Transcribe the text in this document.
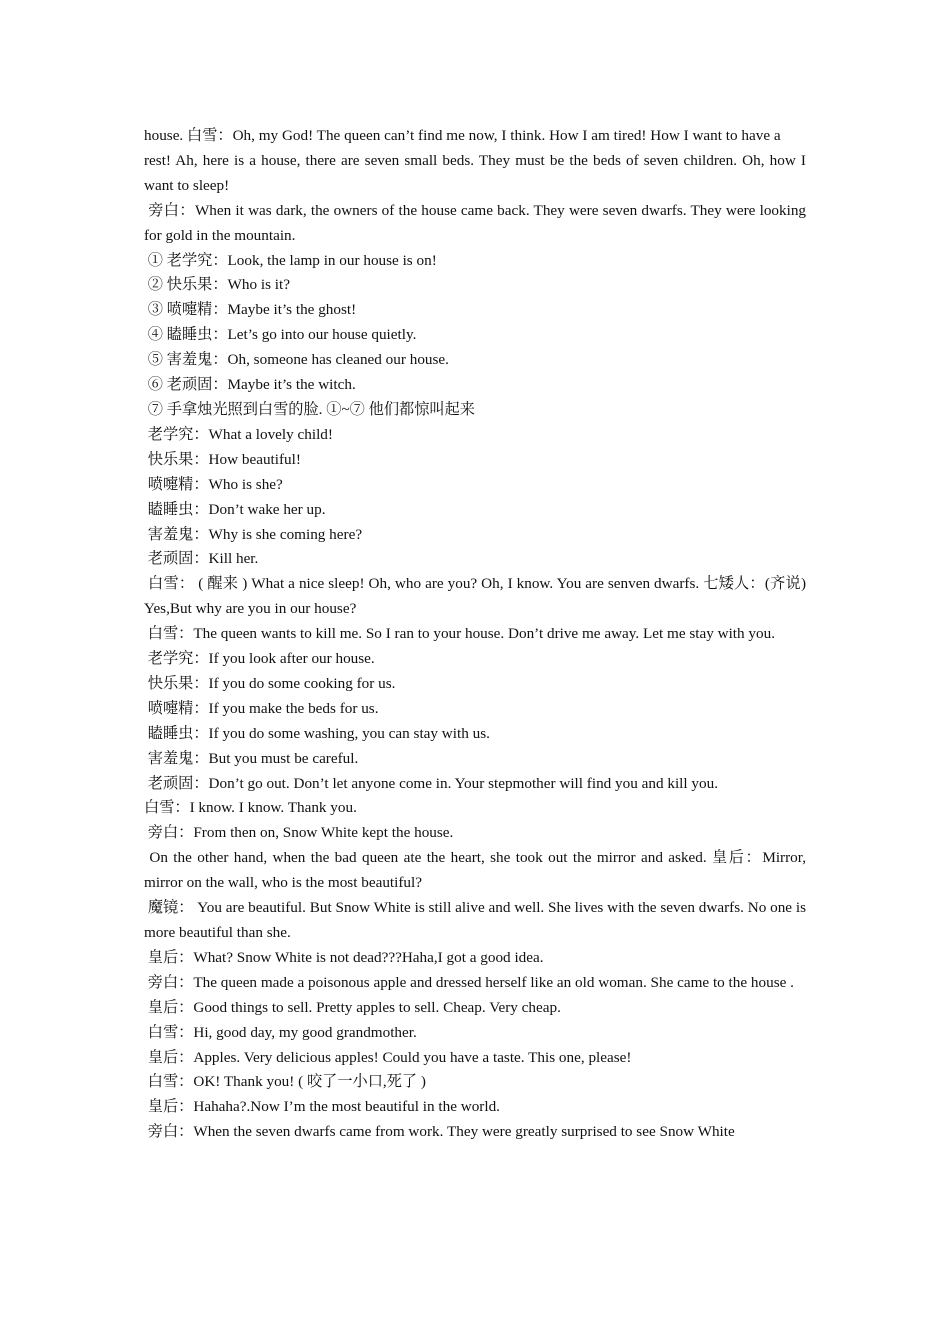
house. 白雪：Oh, my God! The queen can’t find me now, I think. How I am tired! How I want to have a

rest! Ah, here is a house, there are seven small beds. They must be the beds of seven children. Oh, how I want to sleep!

旁白：When it was dark, the owners of the house came back. They were seven dwarfs. They were looking for gold in the mountain.

① 老学究：Look, the lamp in our house is on!

② 快乐果：Who is it?

③ 喷嚏精：Maybe it’s the ghost!

④ 瞌睡虫：Let’s go into our house quietly.

⑤ 害羞鬼：Oh, someone has cleaned our house.

⑥ 老顽固：Maybe it’s the witch.

⑦ 手拿烛光照到白雪的脸. ①~⑦ 他们都惊叫起来

老学究：What a lovely child!

快乐果：How beautiful!

喷嚏精：Who is she?

瞌睡虫：Don’t wake her up.

害羞鬼：Why is she coming here?

老顽固：Kill her.

白雪： ( 醒来 ) What a nice sleep! Oh, who are you? Oh, I know. You are senven dwarfs. 七矮人：(齐说) Yes,But why are you in our house?

白雪：The queen wants to kill me. So I ran to your house. Don’t drive me away. Let me stay with you.

老学究：If you look after our house.

快乐果：If you do some cooking for us.

喷嚏精：If you make the beds for us.

瞌睡虫：If you do some washing, you can stay with us.

害羞鬼：But you must be careful.

老顽固：Don’t go out. Don’t let anyone come in. Your stepmother will find you and kill you.

白雪：I know. I know. Thank you.

旁白：From then on, Snow White kept the house.

On the other hand, when the bad queen ate the heart, she took out the mirror and asked. 皇后：Mirror, mirror on the wall, who is the most beautiful?

魔镜： You are beautiful. But Snow White is still alive and well. She lives with the seven dwarfs. No one is more beautiful than she.

皇后：What? Snow White is not dead???Haha,I got a good idea.

旁白：The queen made a poisonous apple and dressed herself like an old woman. She came to the house .

皇后：Good things to sell. Pretty apples to sell. Cheap. Very cheap.

白雪：Hi, good day, my good grandmother.

皇后：Apples. Very delicious apples! Could you have a taste. This one, please!

白雪：OK! Thank you! ( 咬了一小口,死了 )

皇后：Hahaha?.Now I’m the most beautiful in the world.

旁白：When the seven dwarfs came from work. They were greatly surprised to see Snow White
